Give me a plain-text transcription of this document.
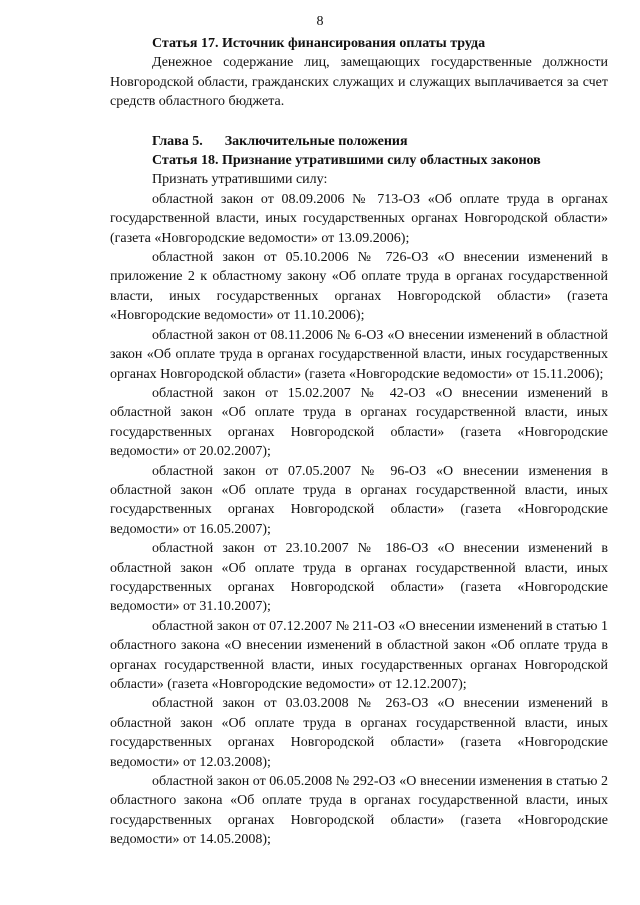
8

Статья 17. Источник финансирования оплаты труда

Денежное содержание лиц, замещающих государственные должности Новгородской области, гражданских служащих и служащих выплачивается за счет средств областного бюджета.

Глава 5. Заключительные положения

Статья 18. Признание утратившими силу областных законов

Признать утратившими силу:

областной закон от 08.09.2006 № 713-ОЗ «Об оплате труда в органах государственной власти, иных государственных органах Новгородской области» (газета «Новгородские ведомости» от 13.09.2006);

областной закон от 05.10.2006 № 726-ОЗ «О внесении изменений в приложение 2 к областному закону «Об оплате труда в органах государственной власти, иных государственных органах Новгородской области» (газета «Новгородские ведомости» от 11.10.2006);

областной закон от 08.11.2006 № 6-ОЗ «О внесении изменений в областной закон «Об оплате труда в органах государственной власти, иных государственных органах Новгородской области» (газета «Новгородские ведомости» от 15.11.2006);

областной закон от 15.02.2007 № 42-ОЗ «О внесении изменений в областной закон «Об оплате труда в органах государственной власти, иных государственных органах Новгородской области» (газета «Новгородские ведомости» от 20.02.2007);

областной закон от 07.05.2007 № 96-ОЗ «О внесении изменения в областной закон «Об оплате труда в органах государственной власти, иных государственных органах Новгородской области» (газета «Новгородские ведомости» от 16.05.2007);

областной закон от 23.10.2007 № 186-ОЗ «О внесении изменений в областной закон «Об оплате труда в органах государственной власти, иных государственных органах Новгородской области» (газета «Новгородские ведомости» от 31.10.2007);

областной закон от 07.12.2007 № 211-ОЗ «О внесении изменений в статью 1 областного закона «О внесении изменений в областной закон «Об оплате труда в органах государственной власти, иных государственных органах Новгородской области» (газета «Новгородские ведомости» от 12.12.2007);

областной закон от 03.03.2008 № 263-ОЗ «О внесении изменений в областной закон «Об оплате труда в органах государственной власти, иных государственных органах Новгородской области» (газета «Новгородские ведомости» от 12.03.2008);

областной закон от 06.05.2008 № 292-ОЗ «О внесении изменения в статью 2 областного закона «Об оплате труда в органах государственной власти, иных государственных органах Новгородской области» (газета «Новгородские ведомости» от 14.05.2008);
